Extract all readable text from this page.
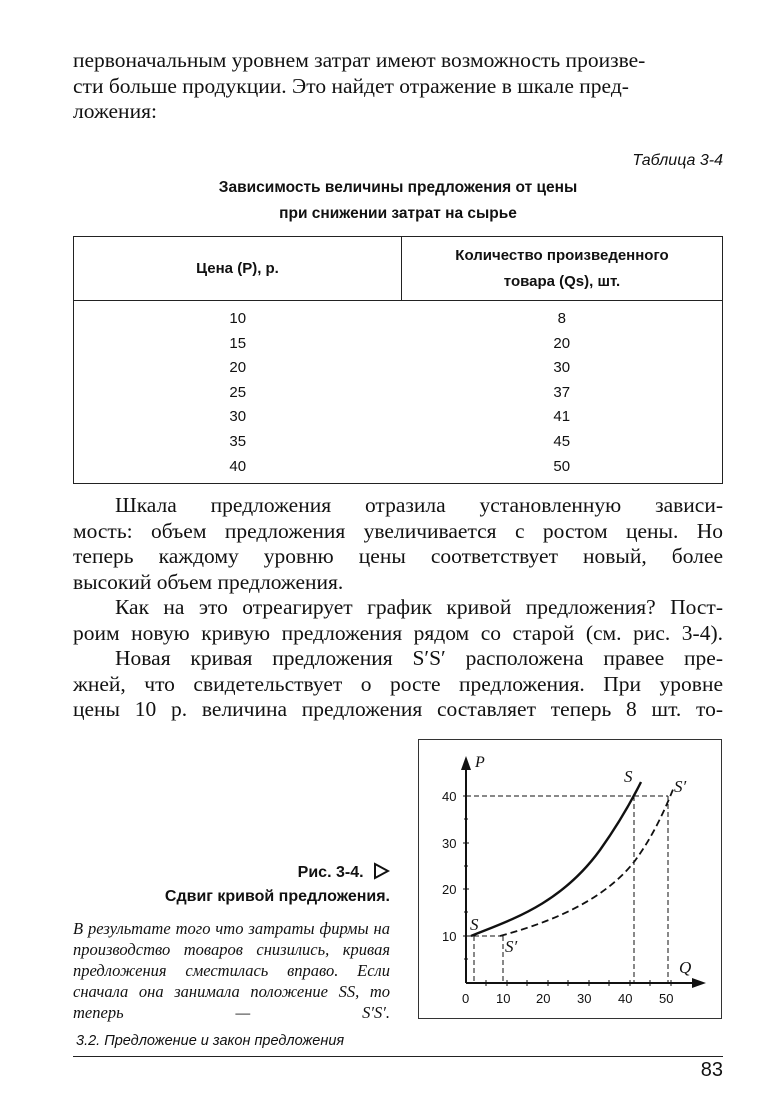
первоначальным уровнем затрат имеют возможность произве-
сти больше продукции. Это найдет отражение в шкале пред-
ложения:
Таблица 3-4
Зависимость величины предложения от цены
при снижении затрат на сырье
Цена (P), р.	Количество произведенного
товара (Qs), шт.

10	8
15	20
20	30
25	37
30	41
35	45
40	50
Шкала предложения отразила установленную зависи-
мость: объем предложения увеличивается с ростом цены. Но
теперь каждому уровню цены соответствует новый, более
высокий объем предложения.
Как на это отреагирует график кривой предложения? Пост-
роим новую кривую предложения рядом со старой (см. рис. 3-4).
Новая кривая предложения S′S′ расположена правее пре-
жней, что свидетельствует о росте предложения. При уровне
цены 10 р. величина предложения составляет теперь 8 шт. то-
Рис. 3-4.
Сдвиг кривой предложения.
В результате того что затраты фирмы на производство товаров снизились, кривая предложения сместилась вправо. Если сначала она занимала положение SS, то теперь — S′S′.
P
Q
40
30
20
10
0 10 20 30 40 50
S
S′
S
S′
3.2. Предложение и закон предложения
83
